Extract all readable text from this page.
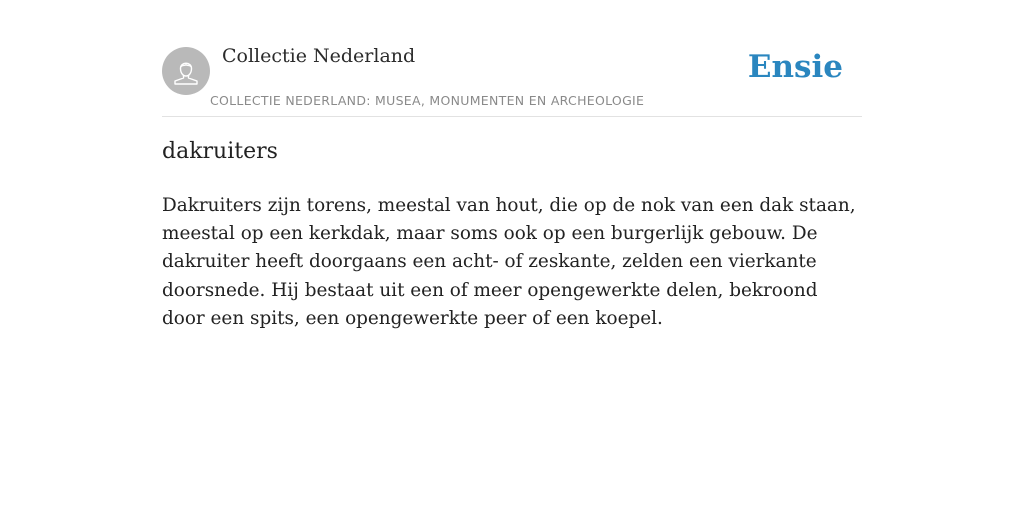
Collectie Nederland
COLLECTIE NEDERLAND: MUSEA, MONUMENTEN EN ARCHEOLOGIE
Ensie
dakruiters

Dakruiters zijn torens, meestal van hout, die op de nok van een dak staan, meestal op een kerkdak, maar soms ook op een burgerlijk gebouw. De dakruiter heeft doorgaans een acht- of zeskante, zelden een vierkante doorsnede. Hij bestaat uit een of meer opengewerkte delen, bekroond door een spits, een opengewerkte peer of een koepel.
